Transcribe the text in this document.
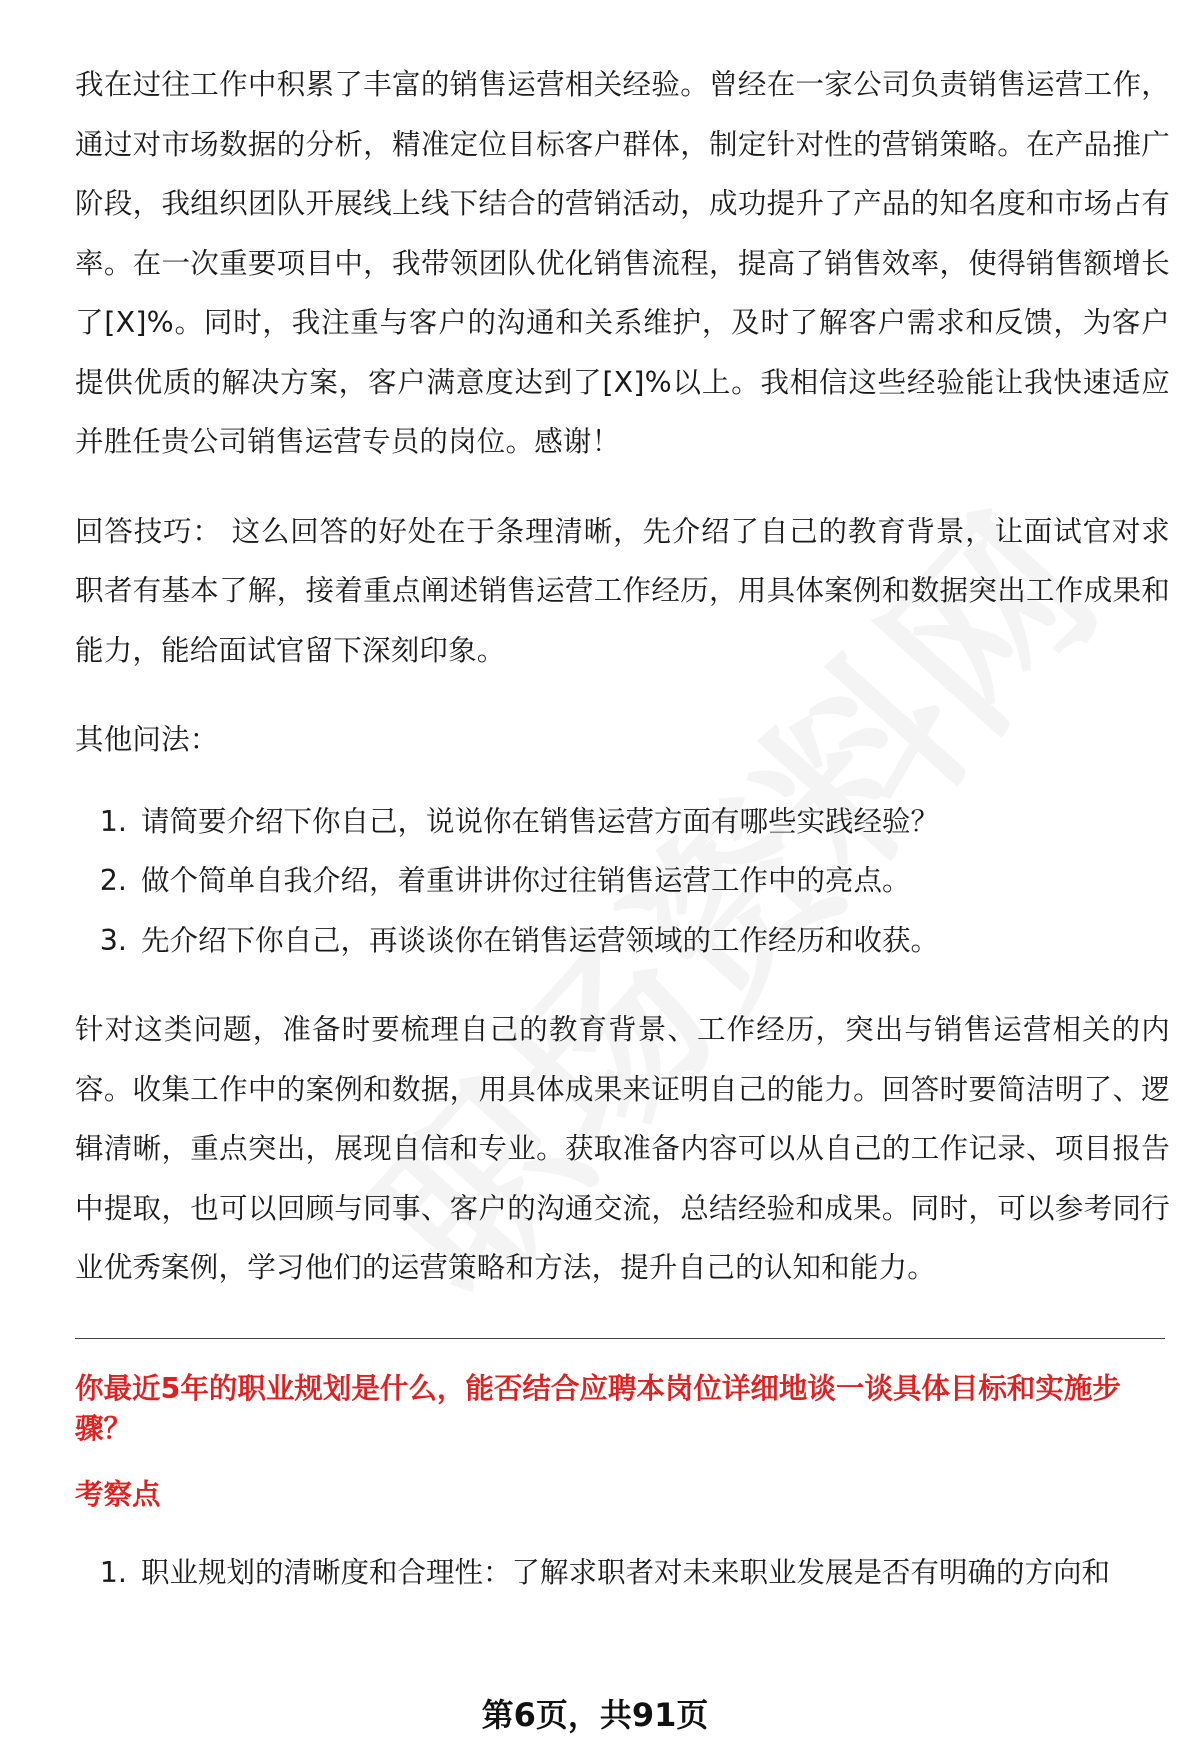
我在过往工作中积累了丰富的销售运营相关经验。曾经在一家公司负责销售运营工作，通过对市场数据的分析，精准定位目标客户群体，制定针对性的营销策略。在产品推广阶段，我组织团队开展线上线下结合的营销活动，成功提升了产品的知名度和市场占有率。在一次重要项目中，我带领团队优化销售流程，提高了销售效率，使得销售额增长了[X]%。同时，我注重与客户的沟通和关系维护，及时了解客户需求和反馈，为客户提供优质的解决方案，客户满意度达到了[X]%以上。我相信这些经验能让我快速适应并胜任贵公司销售运营专员的岗位。感谢！

回答技巧： 这么回答的好处在于条理清晰，先介绍了自己的教育背景，让面试官对求职者有基本了解，接着重点阐述销售运营工作经历，用具体案例和数据突出工作成果和能力，能给面试官留下深刻印象。

其他问法：

1. 请简要介绍下你自己，说说你在销售运营方面有哪些实践经验？
2. 做个简单自我介绍，着重讲讲你过往销售运营工作中的亮点。
3. 先介绍下你自己，再谈谈你在销售运营领域的工作经历和收获。

针对这类问题，准备时要梳理自己的教育背景、工作经历，突出与销售运营相关的内容。收集工作中的案例和数据，用具体成果来证明自己的能力。回答时要简洁明了、逻辑清晰，重点突出，展现自信和专业。获取准备内容可以从自己的工作记录、项目报告中提取，也可以回顾与同事、客户的沟通交流，总结经验和成果。同时，可以参考同行业优秀案例，学习他们的运营策略和方法，提升自己的认知和能力。

你最近5年的职业规划是什么，能否结合应聘本岗位详细地谈一谈具体目标和实施步骤？
考察点
1. 职业规划的清晰度和合理性：了解求职者对未来职业发展是否有明确的方向和
第6页，共91页
